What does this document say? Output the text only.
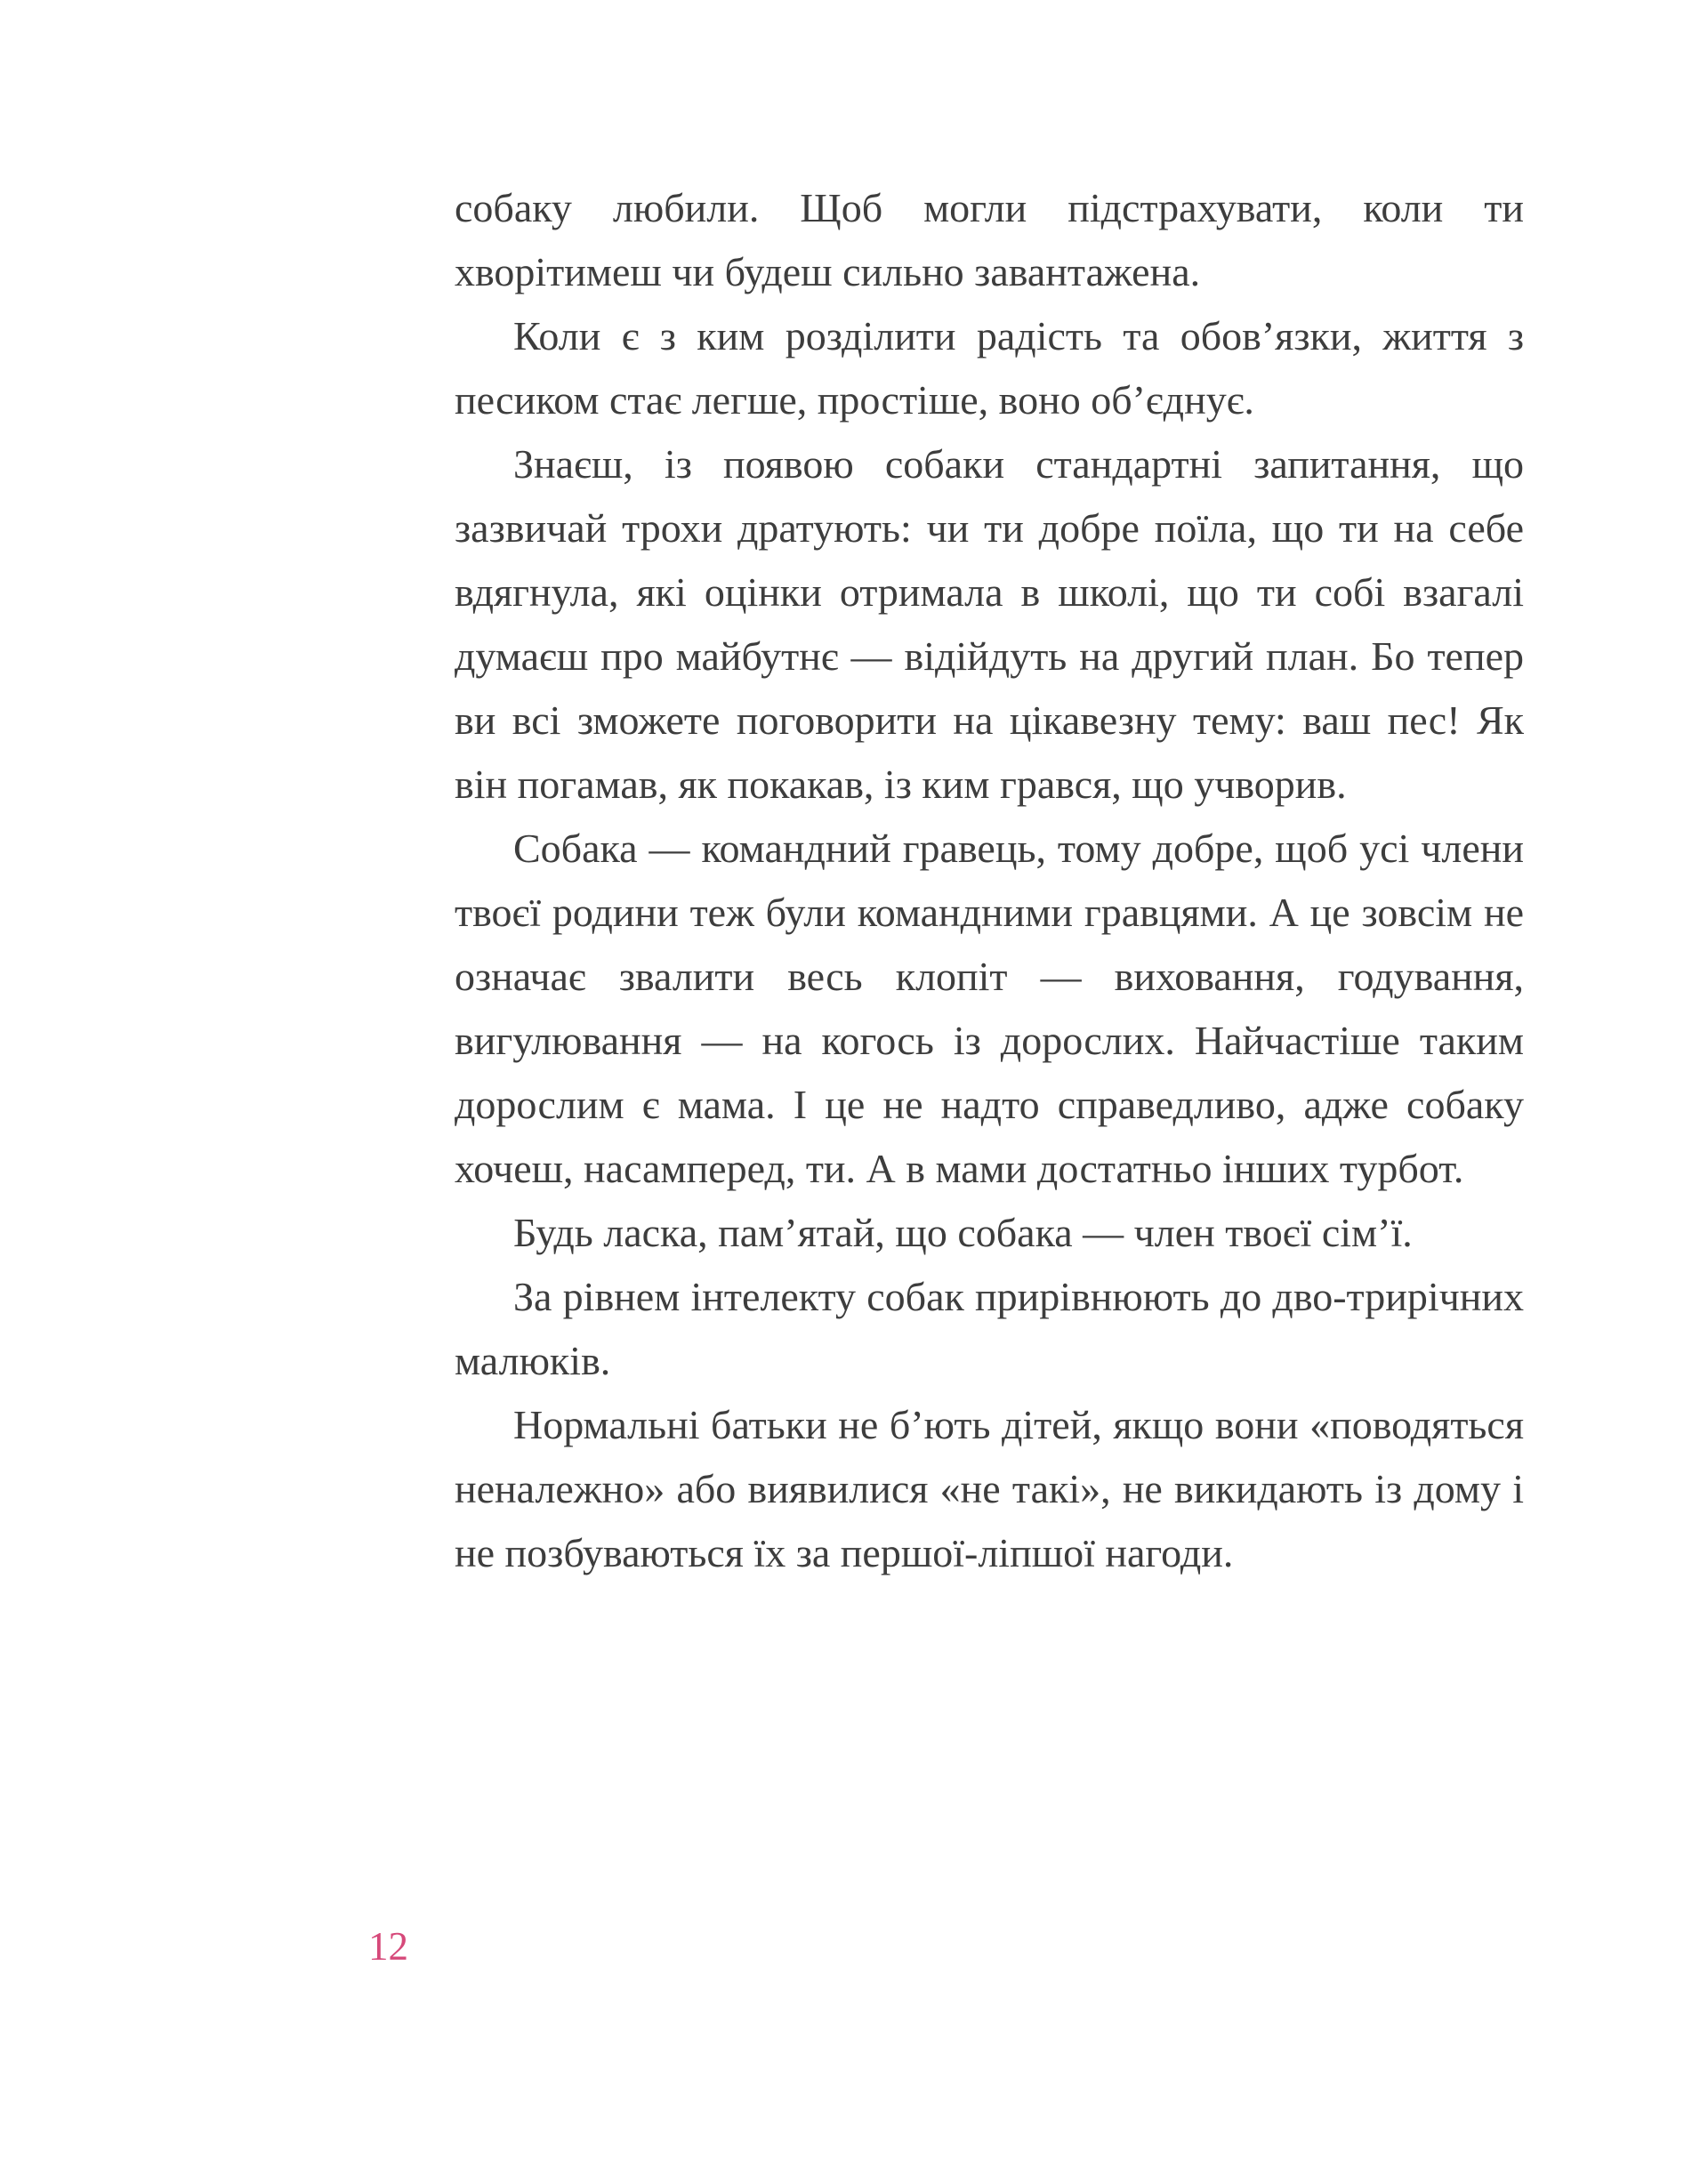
собаку любили. Щоб могли підстрахувати, коли ти хворітимеш чи будеш сильно завантажена.

Коли є з ким розділити радість та обов’язки, життя з песиком стає легше, простіше, воно об’єднує.

Знаєш, із появою собаки стандартні запитання, що зазвичай трохи дратують: чи ти добре поїла, що ти на себе вдягнула, які оцінки отримала в школі, що ти собі взагалі думаєш про майбутнє — відійдуть на другий план. Бо тепер ви всі зможете поговорити на цікавезну тему: ваш пес! Як він погамав, як покакав, із ким грався, що учворив.

Собака — командний гравець, тому добре, щоб усі члени твоєї родини теж були командними гравцями. А це зовсім не означає звалити весь клопіт — виховання, годування, вигулювання — на когось із дорослих. Найчастіше таким дорослим є мама. І це не надто справедливо, адже собаку хочеш, насамперед, ти. А в мами достатньо інших турбот.

Будь ласка, пам’ятай, що собака — член твоєї сім’ї.

За рівнем інтелекту собак прирівнюють до дво-трирічних малюків.

Нормальні батьки не б’ють дітей, якщо вони «поводяться неналежно» або виявилися «не такі», не викидають із дому і не позбуваються їх за першої-ліпшої нагоди.

12
